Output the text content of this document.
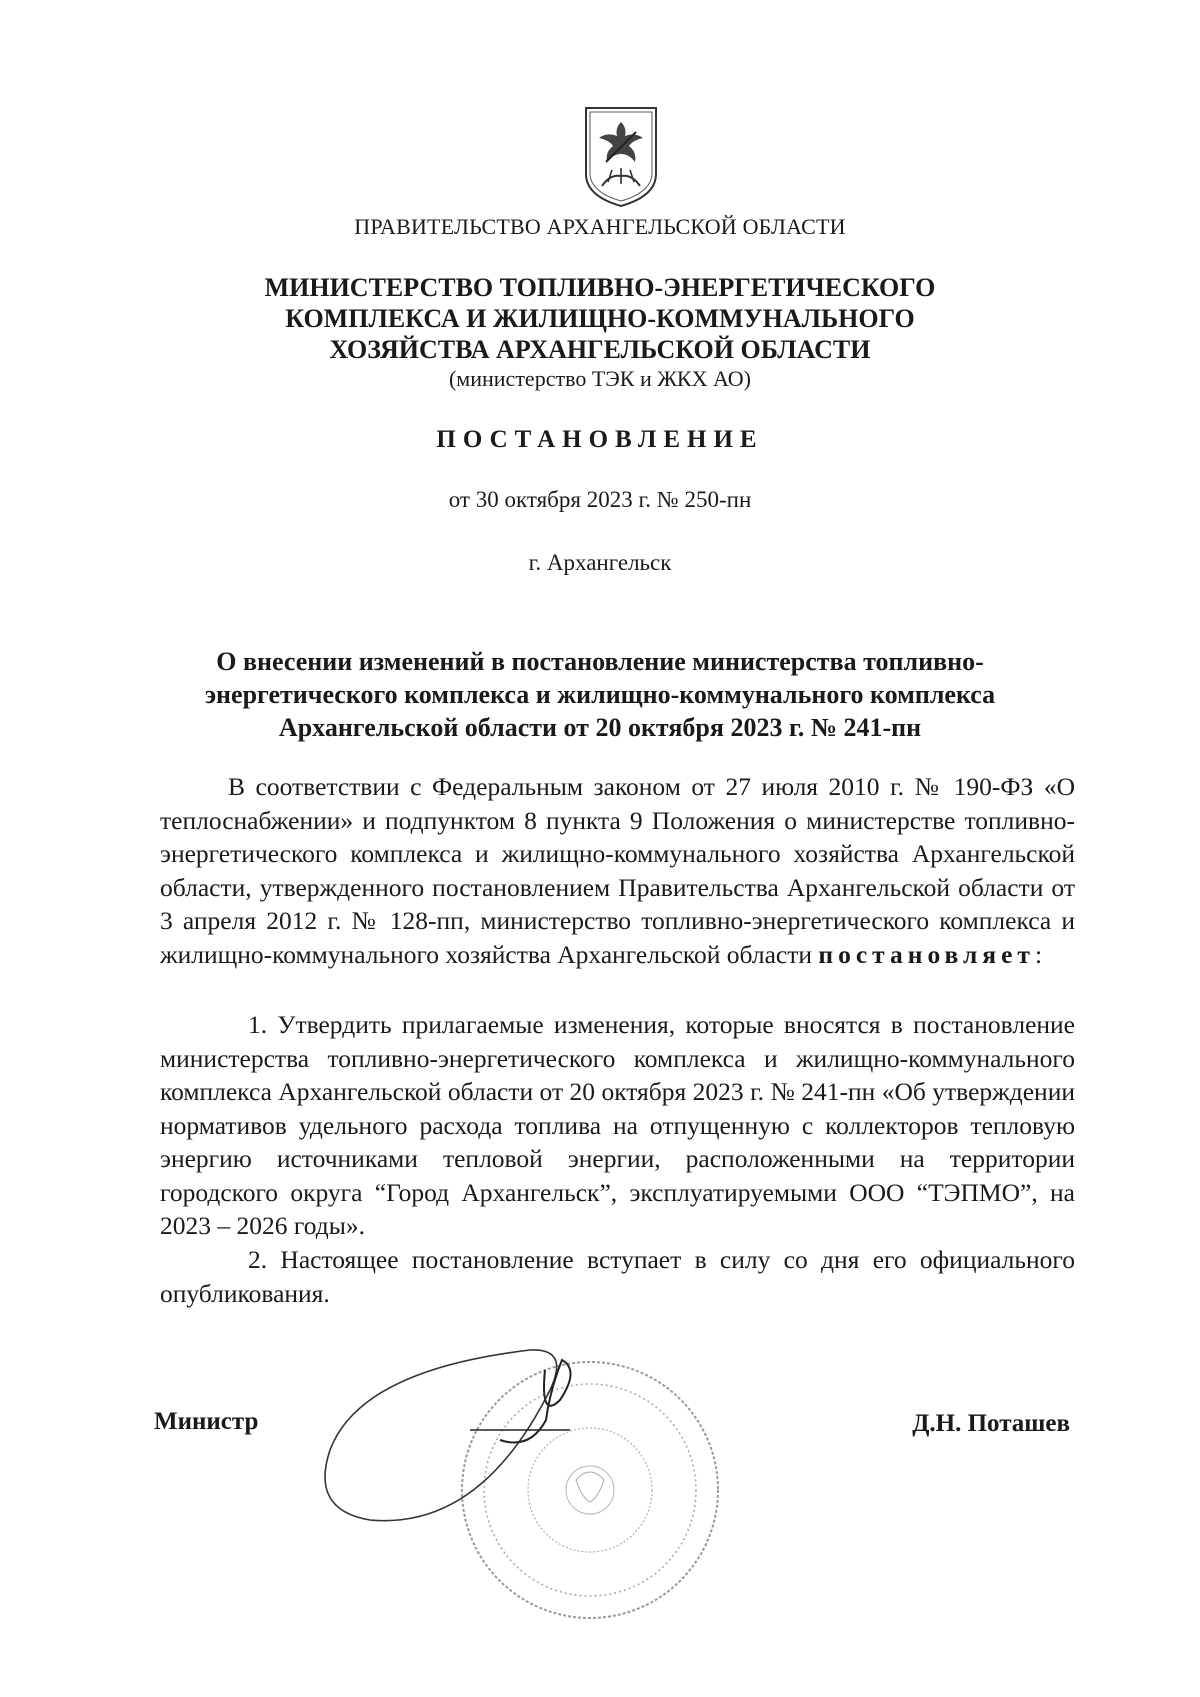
ПРАВИТЕЛЬСТВО АРХАНГЕЛЬСКОЙ ОБЛАСТИ
МИНИСТЕРСТВО ТОПЛИВНО-ЭНЕРГЕТИЧЕСКОГО
КОМПЛЕКСА И ЖИЛИЩНО-КОММУНАЛЬНОГО
ХОЗЯЙСТВА АРХАНГЕЛЬСКОЙ ОБЛАСТИ
(министерство ТЭК и ЖКХ АО)
ПОСТАНОВЛЕНИЕ
от 30 октября 2023 г. № 250-пн
г. Архангельск
О внесении изменений в постановление министерства топливно-
энергетического комплекса и жилищно-коммунального комплекса
Архангельской области от 20 октября 2023 г. № 241-пн
В соответствии с Федеральным законом от 27 июля 2010 г. № 190-ФЗ «О теплоснабжении» и подпунктом 8 пункта 9 Положения о министерстве топливно-энергетического комплекса и жилищно-коммунального хозяйства Архангельской области, утвержденного постановлением Правительства Архангельской области от 3 апреля 2012 г. № 128-пп, министерство топливно-энергетического комплекса и жилищно-коммунального хозяйства Архангельской области постановляет:
1. Утвердить прилагаемые изменения, которые вносятся в постановление министерства топливно-энергетического комплекса и жилищно-коммунального комплекса Архангельской области от 20 октября 2023 г. № 241-пн «Об утверждении нормативов удельного расхода топлива на отпущенную с коллекторов тепловую энергию источниками тепловой энергии, расположенными на территории городского округа “Город Архангельск”, эксплуатируемыми ООО “ТЭПМО”, на 2023 – 2026 годы».
2. Настоящее постановление вступает в силу со дня его официального опубликования.
Министр	Д.Н. Поташев
